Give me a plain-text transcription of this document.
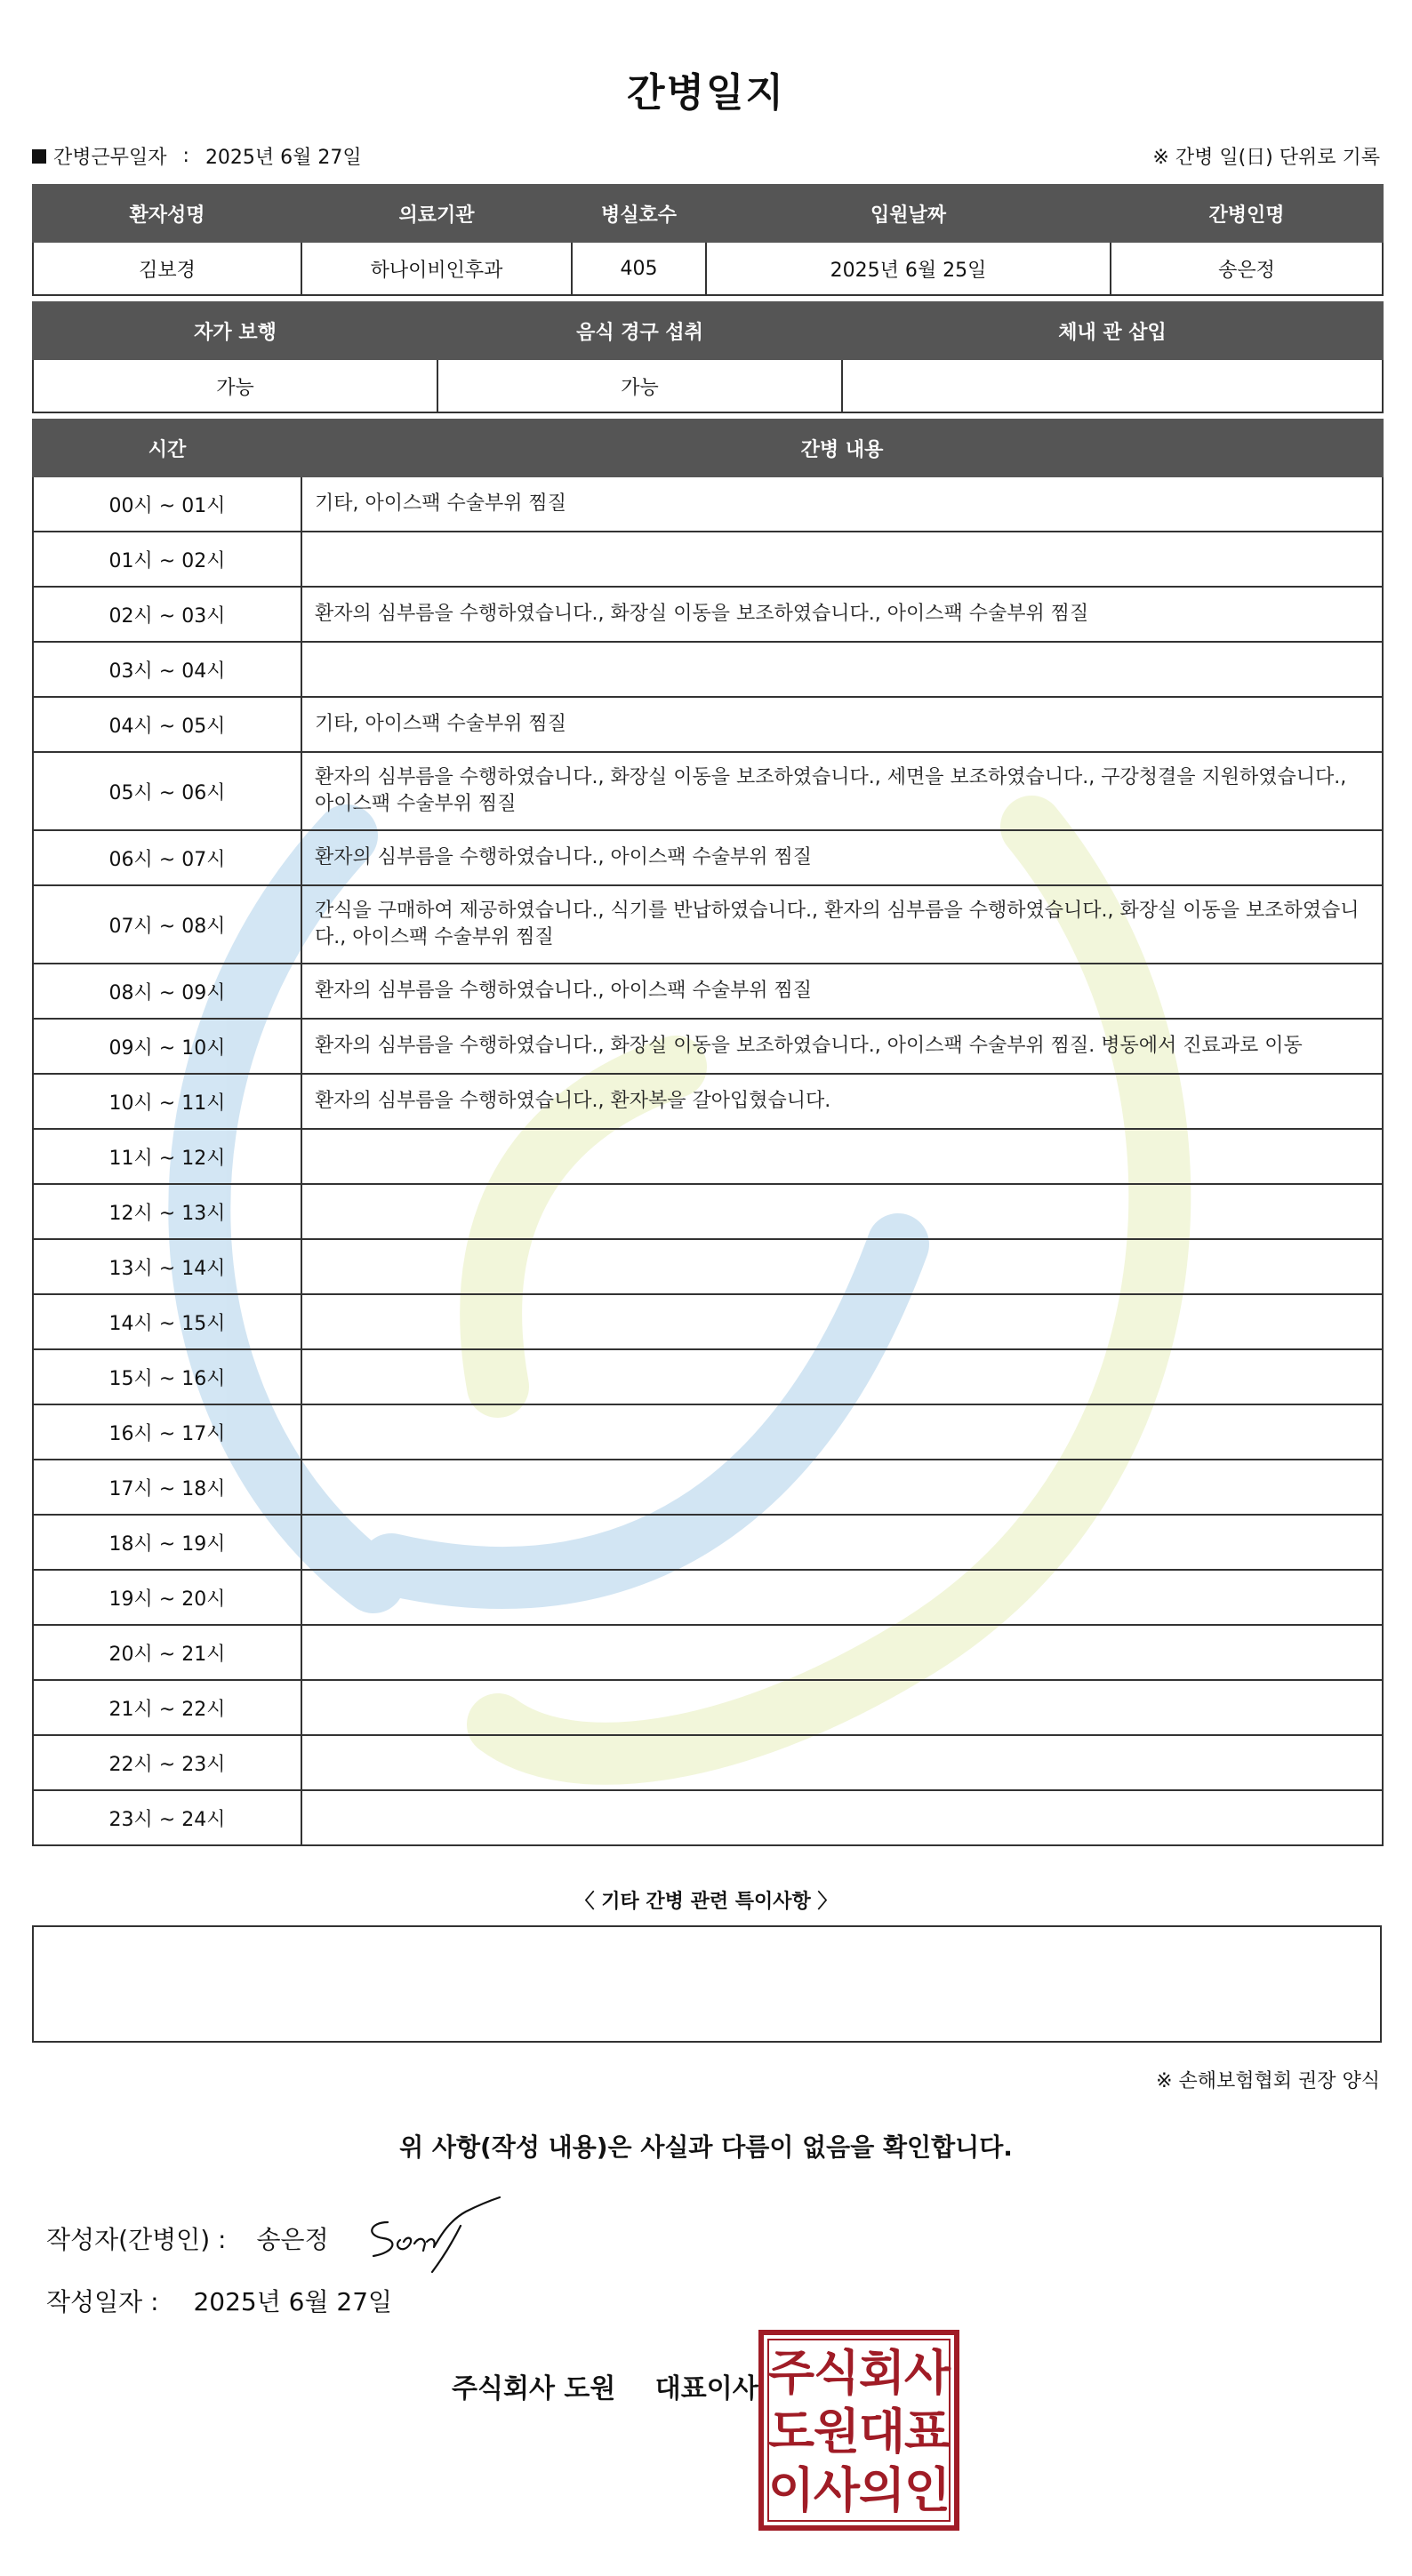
간병일지
간병근무일자 : 2025년 6월 27일	※ 간병 일(日) 단위로 기록
환자성명	의료기관	병실호수	입원날짜	간병인명
김보경	하나이비인후과	405	2025년 6월 25일	송은정
자가 보행	음식 경구 섭취	체내 관 삽입
가능	가능	
시간	간병 내용
00시 ~ 01시	기타, 아이스팩 수술부위 찜질
01시 ~ 02시	
02시 ~ 03시	환자의 심부름을 수행하였습니다., 화장실 이동을 보조하였습니다., 아이스팩 수술부위 찜질
03시 ~ 04시	
04시 ~ 05시	기타, 아이스팩 수술부위 찜질
05시 ~ 06시	환자의 심부름을 수행하였습니다., 화장실 이동을 보조하였습니다., 세면을 보조하였습니다., 구강청결을 지원하였습니다., 아이스팩 수술부위 찜질
06시 ~ 07시	환자의 심부름을 수행하였습니다., 아이스팩 수술부위 찜질
07시 ~ 08시	간식을 구매하여 제공하였습니다., 식기를 반납하였습니다., 환자의 심부름을 수행하였습니다., 화장실 이동을 보조하였습니다., 아이스팩 수술부위 찜질
08시 ~ 09시	환자의 심부름을 수행하였습니다., 아이스팩 수술부위 찜질
09시 ~ 10시	환자의 심부름을 수행하였습니다., 화장실 이동을 보조하였습니다., 아이스팩 수술부위 찜질. 병동에서 진료과로 이동
10시 ~ 11시	환자의 심부름을 수행하였습니다., 환자복을 갈아입혔습니다.
11시 ~ 12시	
12시 ~ 13시	
13시 ~ 14시	
14시 ~ 15시	
15시 ~ 16시	
16시 ~ 17시	
17시 ~ 18시	
18시 ~ 19시	
19시 ~ 20시	
20시 ~ 21시	
21시 ~ 22시	
22시 ~ 23시	
23시 ~ 24시	
〈 기타 간병 관련 특이사항 〉
※ 손해보험협회 권장 양식
위 사항(작성 내용)은 사실과 다름이 없음을 확인합니다.
작성자(간병인) : 송은정
작성일자 : 2025년 6월 27일
주식회사 도원 대표이사 주
식
회
사
도
원
대
표
이
사
의
인
